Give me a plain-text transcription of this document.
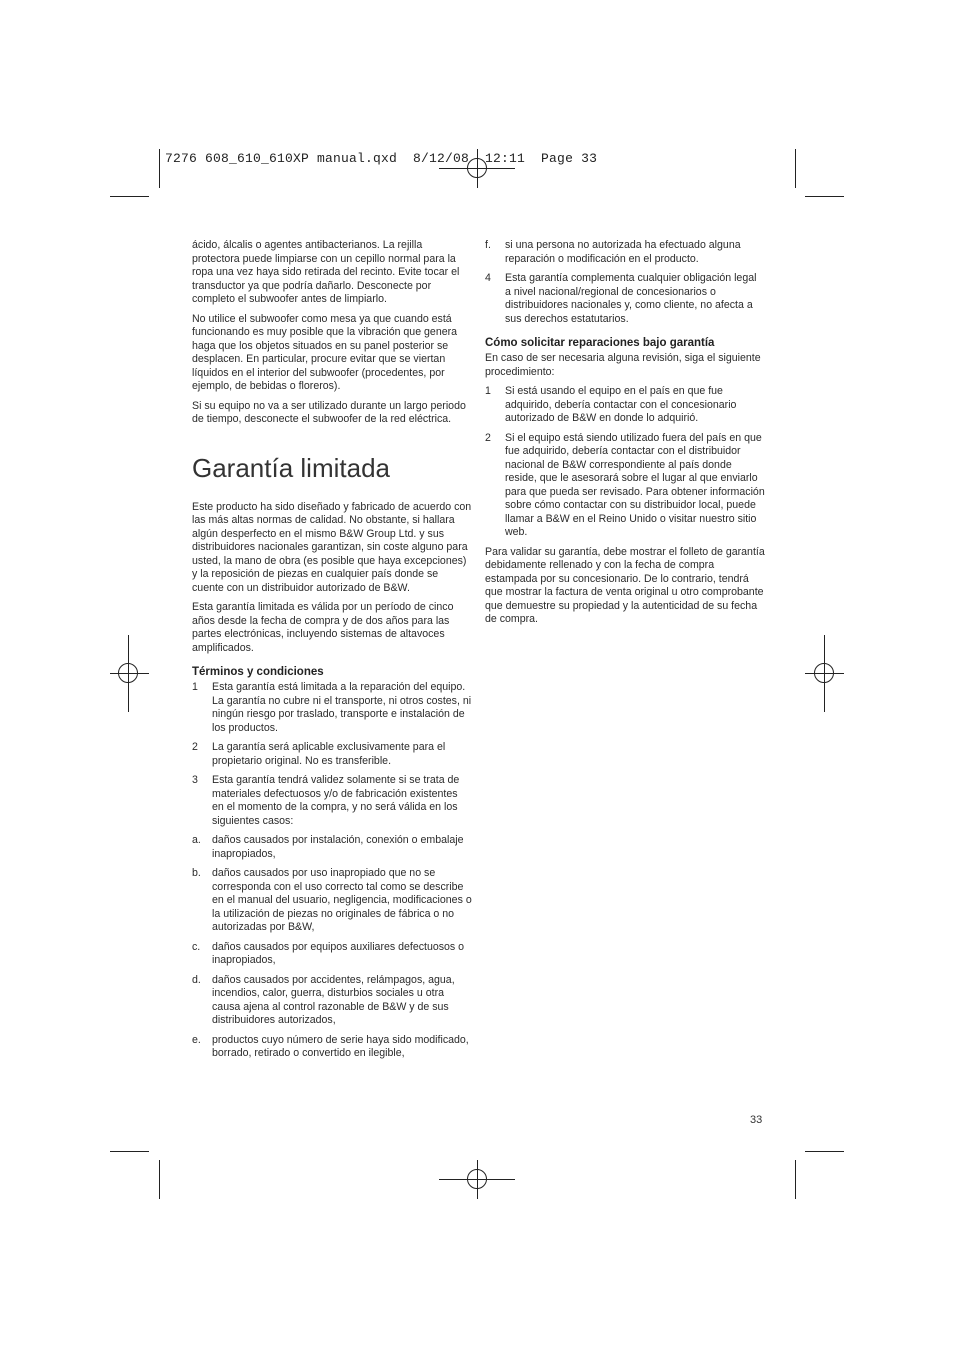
7276 608_610_610XP manual.qxd  8/12/08  12:11  Page 33

ácido, álcalis o agentes antibacterianos. La rejilla protectora puede limpiarse con un cepillo normal para la ropa una vez haya sido retirada del recinto. Evite tocar el transductor ya que podría dañarlo. Desconecte por completo el subwoofer antes de limpiarlo.

No utilice el subwoofer como mesa ya que cuando está funcionando es muy posible que la vibración que genera haga que los objetos situados en su panel posterior se desplacen. En particular, procure evitar que se viertan líquidos en el interior del subwoofer (procedentes, por ejemplo, de bebidas o floreros).

Si su equipo no va a ser utilizado durante un largo periodo de tiempo, desconecte el subwoofer de la red eléctrica.

Garantía limitada

Este producto ha sido diseñado y fabricado de acuerdo con las más altas normas de calidad. No obstante, si hallara algún desperfecto en el mismo B&W Group Ltd. y sus distribuidores nacionales garantizan, sin coste alguno para usted, la mano de obra (es posible que haya excepciones) y la reposición de piezas en cualquier país donde se cuente con un distribuidor autorizado de B&W.

Esta garantía limitada es válida por un período de cinco años desde la fecha de compra y de dos años para las partes electrónicas, incluyendo sistemas de altavoces amplificados.

Términos y condiciones
1	Esta garantía está limitada a la reparación del equipo. La garantía no cubre ni el transporte, ni otros costes, ni ningún riesgo por traslado, transporte e instalación de los productos.
2	La garantía será aplicable exclusivamente para el propietario original. No es transferible.
3	Esta garantía tendrá validez solamente si se trata de materiales defectuosos y/o de fabricación existentes en el momento de la compra, y no será válida en los siguientes casos:
a.	daños causados por instalación, conexión o embalaje inapropiados,
b.	daños causados por uso inapropiado que no se corresponda con el uso correcto tal como se describe en el manual del usuario, negligencia, modificaciones o la utilización de piezas no originales de fábrica o no autorizadas por B&W,
c.	daños causados por equipos auxiliares defectuosos o inapropiados,
d.	daños causados por accidentes, relámpagos, agua, incendios, calor, guerra, disturbios sociales u otra causa ajena al control razonable de B&W y de sus distribuidores autorizados,
e.	productos cuyo número de serie haya sido modificado, borrado, retirado o convertido en ilegible,
f.	si una persona no autorizada ha efectuado alguna reparación o modificación en el producto.
4	Esta garantía complementa cualquier obligación legal a nivel nacional/regional de concesionarios o distribuidores nacionales y, como cliente, no afecta a sus derechos estatutarios.
Cómo solicitar reparaciones bajo garantía

En caso de ser necesaria alguna revisión, siga el siguiente procedimiento:

1	Si está usando el equipo en el país en que fue adquirido, debería contactar con el concesionario autorizado de B&W en donde lo adquirió.
2	Si el equipo está siendo utilizado fuera del país en que fue adquirido, debería contactar con el distribuidor nacional de B&W correspondiente al país donde reside, que le asesorará sobre el lugar al que enviarlo para que pueda ser revisado. Para obtener información sobre cómo contactar con su distribuidor local, puede llamar a B&W en el Reino Unido o visitar nuestro sitio web.

Para validar su garantía, debe mostrar el folleto de garantía debidamente rellenado y con la fecha de compra estampada por su concesionario. De lo contrario, tendrá que mostrar la factura de venta original u otro comprobante que demuestre su propiedad y la autenticidad de su fecha de compra.

33
